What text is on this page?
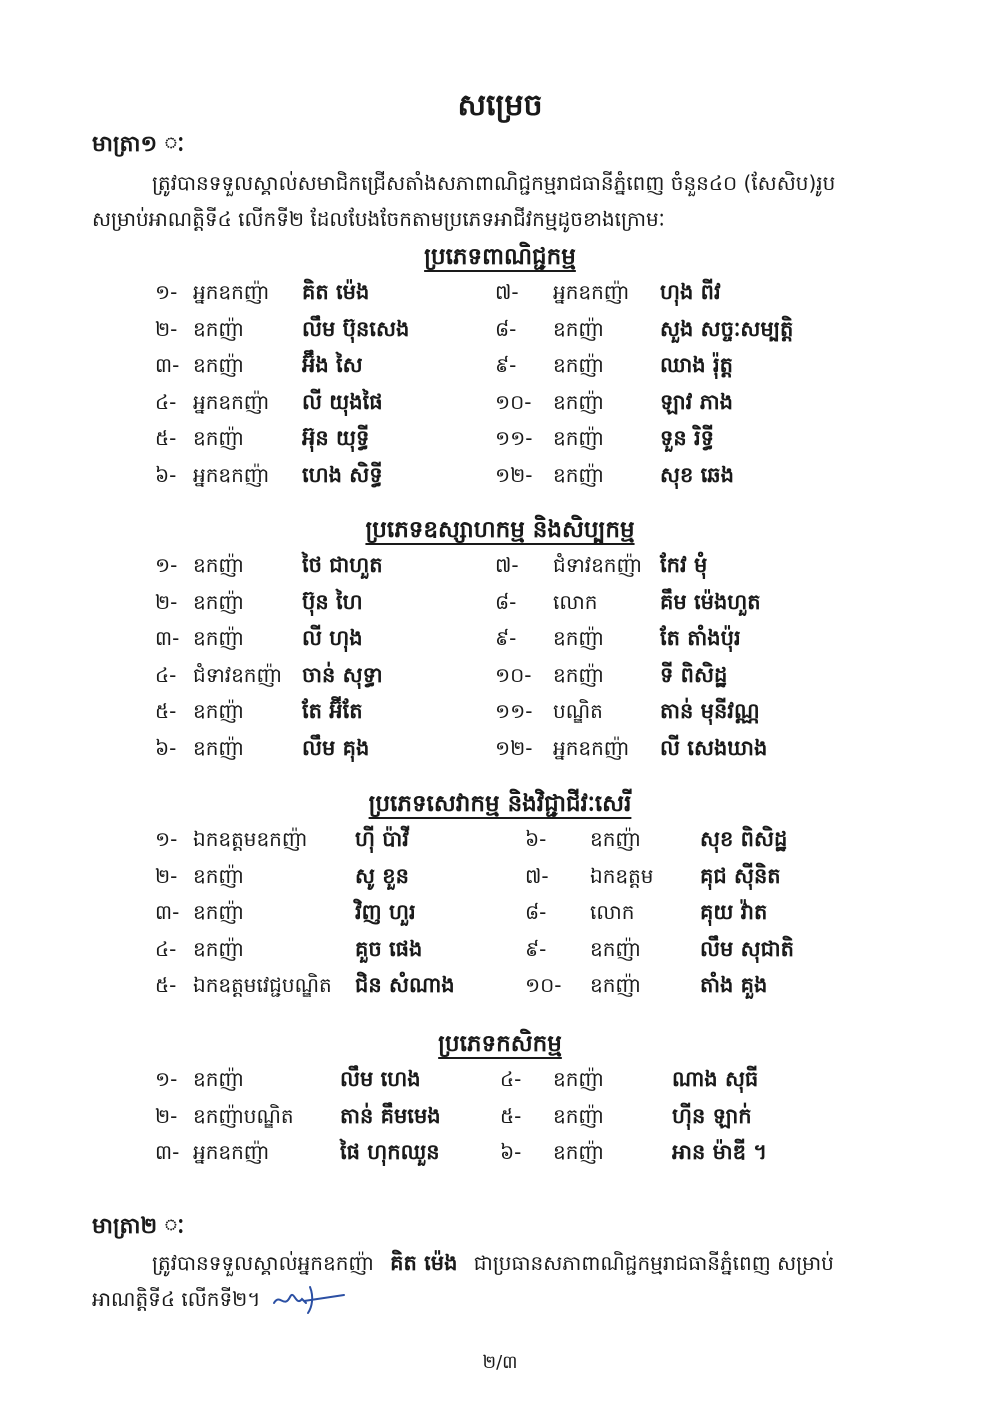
សម្រេច
មាត្រា១ ៈ
ត្រូវបានទទួលស្គាល់សមាជិកជ្រើសតាំងសភាពាណិជ្ជកម្មរាជធានីភ្នំពេញ ចំនួន៤០ (សែសិប)រូប
សម្រាប់អាណត្តិទី៤ លើកទី២ ដែលបែងចែកតាមប្រភេទអាជីវកម្មដូចខាងក្រោមៈ
ប្រភេទពាណិជ្ជកម្ម
១- អ្នកឧកញ៉ា គិត ម៉េង	៧- អ្នកឧកញ៉ា ហុង ពីវ
២- ឧកញ៉ា	លឹម ប៊ុនសេង	៨- ឧកញ៉ា	សួង សច្ចៈសម្បត្តិ
៣- ឧកញ៉ា	អ៊ឹង សៃ	៩- ឧកញ៉ា	ឈាង រ៉ុត្ត
៤- អ្នកឧកញ៉ា លី យុងផៃ	១០- ឧកញ៉ា	ឡាវ ភាង
៥- ឧកញ៉ា	អ៊ុន យុទ្ធី	១១- ឧកញ៉ា	ទួន រិទ្ធី
៦- អ្នកឧកញ៉ា ហេង សិទ្ធី	១២- ឧកញ៉ា	សុខ ឆេង
ប្រភេទឧស្សាហកម្ម និងសិប្បកម្ម
១- ឧកញ៉ា	ថៃ ជាហួត	៧- ជំទាវឧកញ៉ា កែវ មុំ
២- ឧកញ៉ា	ប៊ុន ហៃ	៨- លោក	គឹម ម៉េងហួត
៣- ឧកញ៉ា	លី ហុង	៩- ឧកញ៉ា	តែ តាំងប៉ុរ
៤- ជំទាវឧកញ៉ា ចាន់ សុទ្ធា	១០- ឧកញ៉ា	ទី ពិសិដ្ឋ
៥- ឧកញ៉ា	តែ អ៊ីតែ	១១- បណ្ឌិត	តាន់ មុនីវណ្ណ
៦- ឧកញ៉ា	លឹម គុង	១២- អ្នកឧកញ៉ា លី សេងឃាង
ប្រភេទសេវាកម្ម និងវិជ្ជាជីវៈសេរី
១- ឯកឧត្តមឧកញ៉ា ហ៊ី ប៉ាវី	៦- ឧកញ៉ា	សុខ ពិសិដ្ឋ
២- ឧកញ៉ា	សូ ខួន	៧- ឯកឧត្តម គុជ ស៊ីនិត
៣- ឧកញ៉ា	វិញ ហួរ	៨- លោក	គុយ វ៉ាត
៤- ឧកញ៉ា	គួច ផេង	៩- ឧកញ៉ា	លឹម សុជាតិ
៥- ឯកឧត្តមវេជ្ជបណ្ឌិត ជិន សំណាង	១០- ឧកញ៉ា	តាំង គួង
ប្រភេទកសិកម្ម
១- ឧកញ៉ា	លឹម ហេង	៤- ឧកញ៉ា	ណាង សុធី
២- ឧកញ៉ាបណ្ឌិត តាន់ គឹមមេង	៥- ឧកញ៉ា	ហ៊ីន ឡាក់
៣- អ្នកឧកញ៉ា	ផៃ ហុកឈួន	៦- ឧកញ៉ា	អាន ម៉ាឌី ។
មាត្រា២ ៈ
ត្រូវបានទទួលស្គាល់អ្នកឧកញ៉ា គិត ម៉េង ជាប្រធានសភាពាណិជ្ជកម្មរាជធានីភ្នំពេញ សម្រាប់
អាណត្តិទី៤ លើកទី២។
២/៣
